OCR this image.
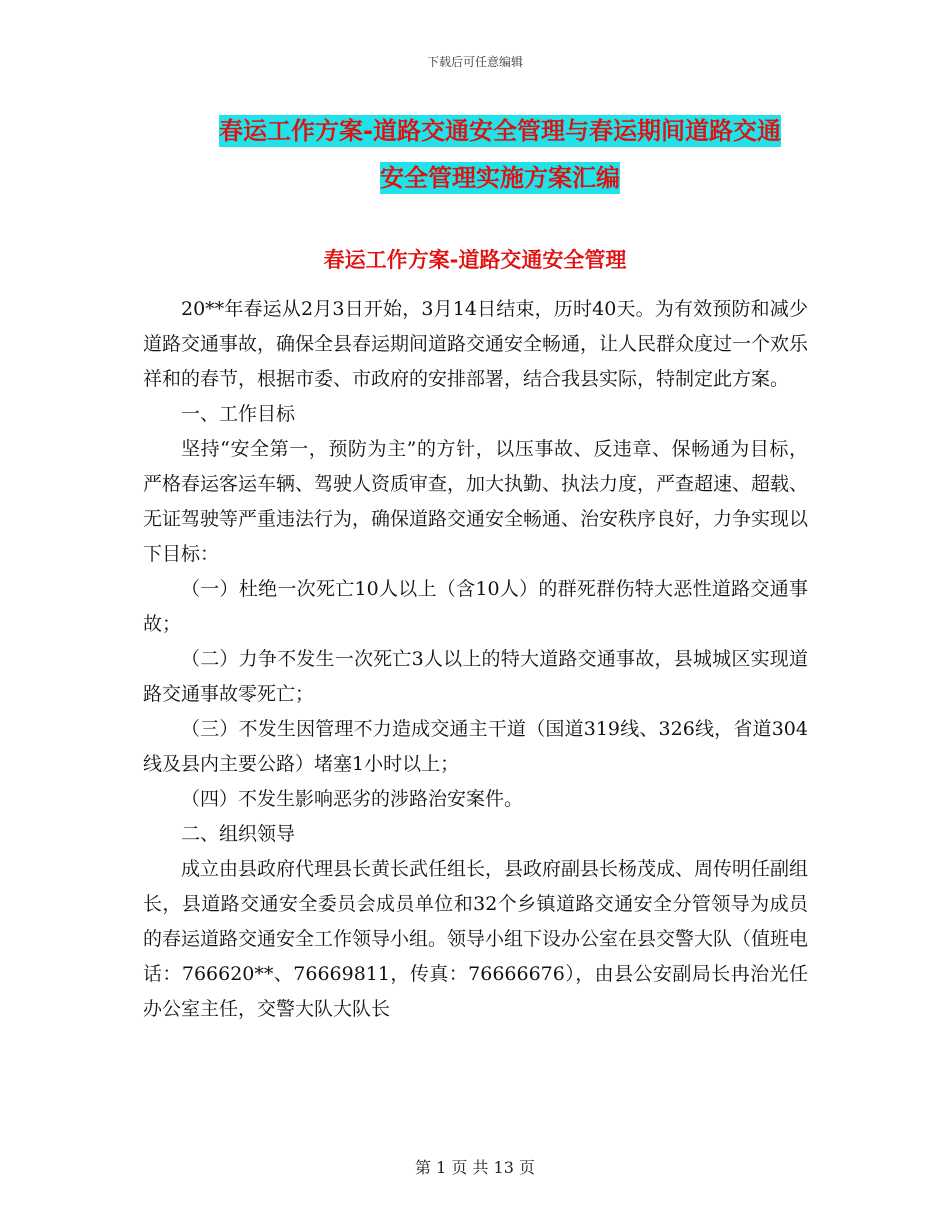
下载后可任意编辑
春运工作方案-道路交通安全管理与春运期间道路交通
安全管理实施方案汇编
春运工作方案-道路交通安全管理

20**年春运从2月3日开始，3月14日结束，历时40天。为有效预防和减少道路交通事故，确保全县春运期间道路交通安全畅通，让人民群众度过一个欢乐祥和的春节，根据市委、市政府的安排部署，结合我县实际，特制定此方案。

一、工作目标

坚持“安全第一，预防为主”的方针，以压事故、反违章、保畅通为目标，严格春运客运车辆、驾驶人资质审查，加大执勤、执法力度，严查超速、超载、无证驾驶等严重违法行为，确保道路交通安全畅通、治安秩序良好，力争实现以下目标：

（一）杜绝一次死亡10人以上（含10人）的群死群伤特大恶性道路交通事故；

（二）力争不发生一次死亡3人以上的特大道路交通事故，县城城区实现道路交通事故零死亡；

（三）不发生因管理不力造成交通主干道（国道319线、326线，省道304线及县内主要公路）堵塞1小时以上；

（四）不发生影响恶劣的涉路治安案件。

二、组织领导

成立由县政府代理县长黄长武任组长，县政府副县长杨茂成、周传明任副组长，县道路交通安全委员会成员单位和32个乡镇道路交通安全分管领导为成员的春运道路交通安全工作领导小组。领导小组下设办公室在县交警大队（值班电话：766620**、76669811，传真：76666676），由县公安副局长冉治光任办公室主任，交警大队大队长

第 1 页 共 13 页
